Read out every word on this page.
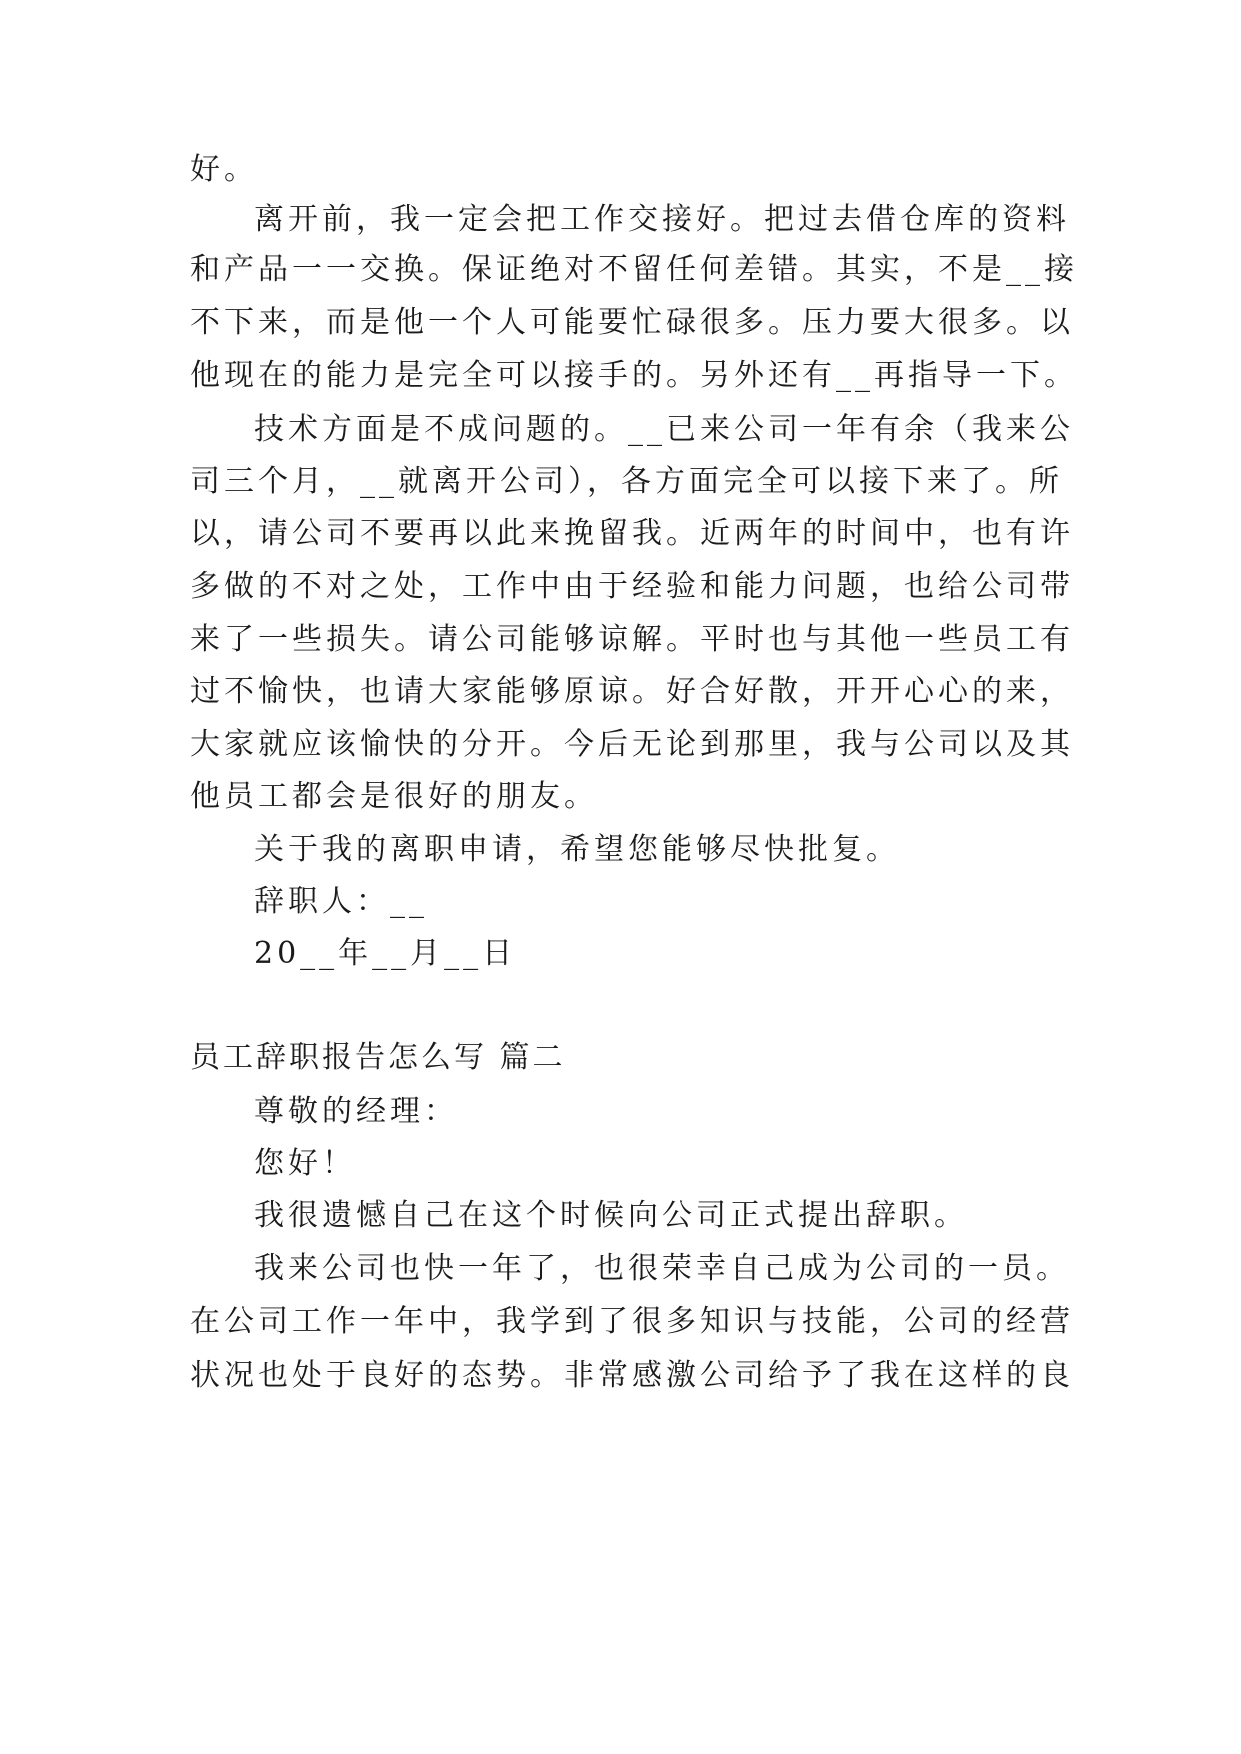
好。
离开前，我一定会把工作交接好。把过去借仓库的资料
和产品一一交换。保证绝对不留任何差错。其实，不是__接
不下来，而是他一个人可能要忙碌很多。压力要大很多。以
他现在的能力是完全可以接手的。另外还有__再指导一下。
技术方面是不成问题的。__已来公司一年有余（我来公
司三个月，__就离开公司），各方面完全可以接下来了。所
以，请公司不要再以此来挽留我。近两年的时间中，也有许
多做的不对之处，工作中由于经验和能力问题，也给公司带
来了一些损失。请公司能够谅解。平时也与其他一些员工有
过不愉快，也请大家能够原谅。好合好散，开开心心的来，
大家就应该愉快的分开。今后无论到那里，我与公司以及其
他员工都会是很好的朋友。
关于我的离职申请，希望您能够尽快批复。
辞职人：__
20__年__月__日
员工辞职报告怎么写 篇二
尊敬的经理：
您好！
我很遗憾自己在这个时候向公司正式提出辞职。
我来公司也快一年了，也很荣幸自己成为公司的一员。
在公司工作一年中，我学到了很多知识与技能，公司的经营
状况也处于良好的态势。非常感激公司给予了我在这样的良
